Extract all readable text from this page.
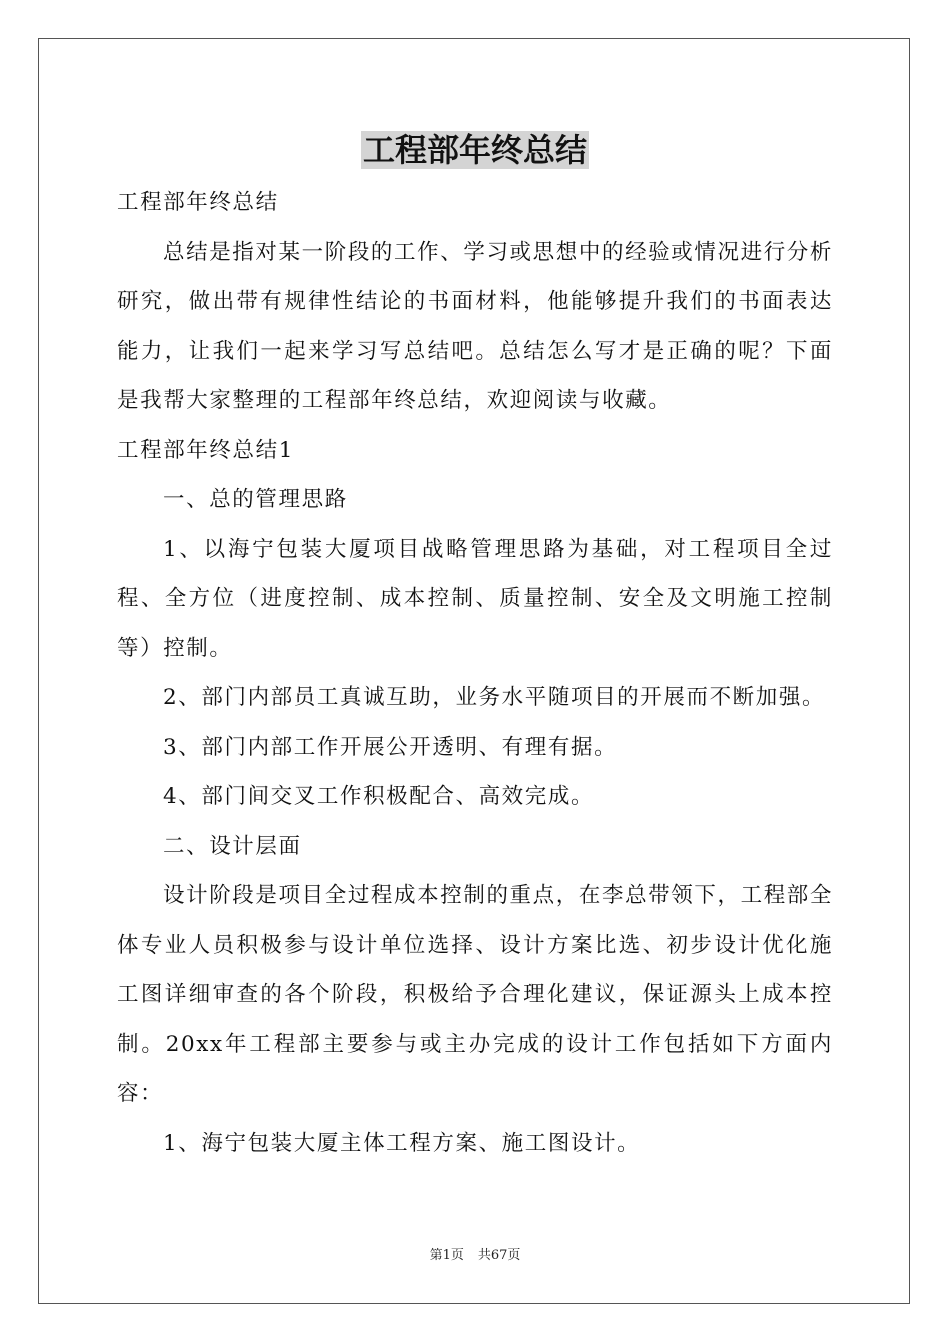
工程部年终总结

工程部年终总结

总结是指对某一阶段的工作、学习或思想中的经验或情况进行分析研究，做出带有规律性结论的书面材料，他能够提升我们的书面表达能力，让我们一起来学习写总结吧。总结怎么写才是正确的呢？下面是我帮大家整理的工程部年终总结，欢迎阅读与收藏。

工程部年终总结1

一、总的管理思路

1、以海宁包装大厦项目战略管理思路为基础，对工程项目全过程、全方位（进度控制、成本控制、质量控制、安全及文明施工控制等）控制。

2、部门内部员工真诚互助，业务水平随项目的开展而不断加强。

3、部门内部工作开展公开透明、有理有据。

4、部门间交叉工作积极配合、高效完成。

二、设计层面

设计阶段是项目全过程成本控制的重点，在李总带领下，工程部全体专业人员积极参与设计单位选择、设计方案比选、初步设计优化施工图详细审查的各个阶段，积极给予合理化建议，保证源头上成本控制。20xx年工程部主要参与或主办完成的设计工作包括如下方面内容：

1、海宁包装大厦主体工程方案、施工图设计。

第1页 共67页
